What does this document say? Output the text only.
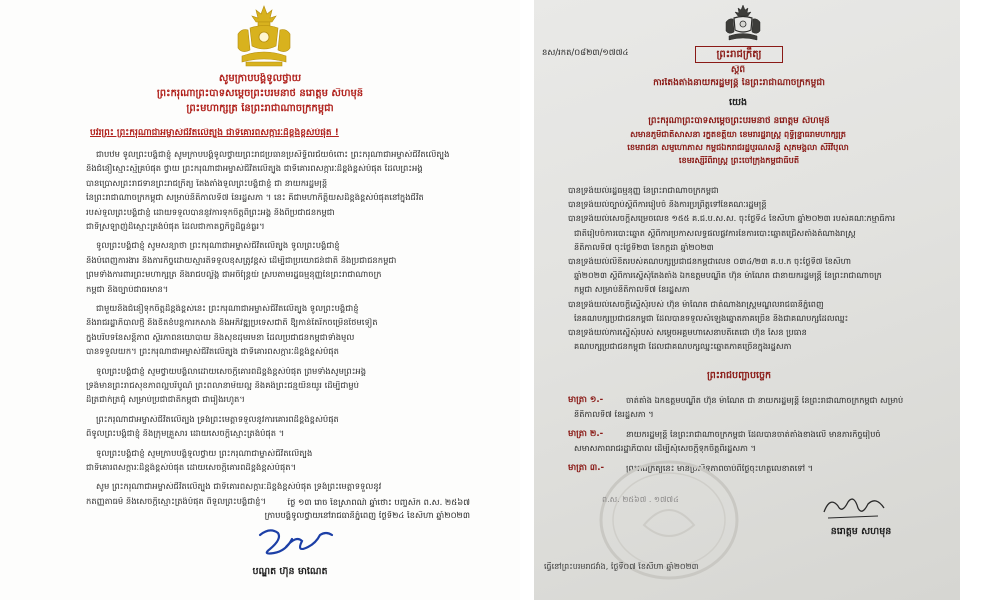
សូមក្រាបបង្គំទូលថ្វាយ
ព្រះករុណាព្រះបាទសម្តេចព្រះបរមនាថ នរោត្តម សីហមុនី
ព្រះមហាក្សត្រ នៃព្រះរាជាណាចក្រកម្ពុជា
បវរព្រះ ព្រះករុណាជាអម្ចាស់ជីវិតលើត្បូង ជាទីគោរពសក្ការៈដ៏ខ្ពង់ខ្ពស់បំផុត !
ជាបឋម ទូលព្រះបង្គំជាខ្ញុំ សូមក្រាបបង្គំទូលថ្វាយព្រះរាជប្រធានប្រសិទ្ធិពរជ័យចំពោះ ព្រះករុណាជាអម្ចាស់ជីវិតលើត្បូង
និងជំនឿស្មោះស្ម័គ្របំផុត ថ្វាយ ព្រះករុណាជាអម្ចាស់ជីវិតលើត្បូង ជាទីគោរពសក្ការៈដ៏ខ្ពង់ខ្ពស់បំផុត ដែលព្រះអង្គ
បានប្រោសព្រះរាជទានព្រះរាជក្រឹត្យ តែងតាំងទូលព្រះបង្គំជាខ្ញុំ ជា នាយករដ្ឋមន្ត្រី
នៃព្រះរាជាណាចក្រកម្ពុជា សម្រាប់នីតិកាលទី៧ នៃរដ្ឋសភា ។ នេះ គឺជាមហាកិត្តិយសដ៏ខ្ពង់ខ្ពស់បំផុតនៅក្នុងជីវិត
របស់ទូលព្រះបង្គំជាខ្ញុំ ដោយទទួលបាននូវការទុកចិត្តពីព្រះអង្គ និងពីប្រជាជនកម្ពុជា
ជាទីស្រឡាញ់ដ៏ស្មោះត្រង់បំផុត ដែលជាកាតព្វកិច្ចដ៏ធ្ងន់ធ្ងរ។
ទូលព្រះបង្គំជាខ្ញុំ សូមសន្យាថា ព្រះករុណាជាអម្ចាស់ជីវិតលើត្បូង ទូលព្រះបង្គំជាខ្ញុំ
នឹងបំពេញការងារ និងភារកិច្ចដោយស្មារតីទទួលខុសត្រូវខ្ពស់ ដើម្បីជាប្រយោជន៍ជាតិ និងប្រជាជនកម្ពុជា
ព្រមទាំងការពារព្រះមហាក្សត្រ និងរាជបល្ល័ង្ក ជាអចិន្ត្រៃយ៍ ស្របតាមរដ្ឋធម្មនុញ្ញនៃព្រះរាជាណាចក្រ
កម្ពុជា និងច្បាប់ជាធរមាន។
ជាមួយនឹងជំនឿទុកចិត្តដ៏ខ្ពង់ខ្ពស់នេះ ព្រះករុណាជាអម្ចាស់ជីវិតលើត្បូង ទូលព្រះបង្គំជាខ្ញុំ
និងរាជរដ្ឋាភិបាលថ្មី នឹងខិតខំបន្តការកសាង និងអភិវឌ្ឍប្រទេសជាតិ ឱ្យកាន់តែរីកចម្រើនថែមទៀត
ក្នុងបរិបទនៃសន្តិភាព ស្ថិរភាពនយោបាយ និងសុខដុមរមនា ដែលប្រជាជនកម្ពុជាទាំងមូល
បានទទួលយក។ ព្រះករុណាជាអម្ចាស់ជីវិតលើត្បូង ជាទីគោរពសក្ការៈដ៏ខ្ពង់ខ្ពស់បំផុត
ទូលព្រះបង្គំជាខ្ញុំ សូមថ្វាយបង្គំលាដោយសេចក្តីគោរពដ៏ខ្ពង់ខ្ពស់បំផុត ព្រមទាំងសូមព្រះអង្គ
ទ្រង់មានព្រះរាជសុខភាពល្អបរិបូណ៌ ព្រះពលានាម័យល្អ និងគង់ព្រះជន្មយឺនយូរ ដើម្បីជាម្លប់
ដ៏ត្រជាក់ត្រជុំ សម្រាប់ប្រជាជាតិកម្ពុជា ជារៀងរហូត។
ព្រះករុណាជាអម្ចាស់ជីវិតលើត្បូង ទ្រង់ព្រះមេត្តាទទួលនូវការគោរពដ៏ខ្ពង់ខ្ពស់បំផុត
ពីទូលព្រះបង្គំជាខ្ញុំ និងក្រុមគ្រួសារ ដោយសេចក្តីស្មោះត្រង់បំផុត ។
ទូលព្រះបង្គំជាខ្ញុំ សូមក្រាបបង្គំទូលថ្វាយ ព្រះករុណាជាម្ចាស់ជីវិតលើត្បូង
ជាទីគោរពសក្ការៈដ៏ខ្ពង់ខ្ពស់បំផុត ដោយសេចក្តីគោរពដ៏ខ្ពង់ខ្ពស់បំផុត។
សូម ព្រះករុណាជាអម្ចាស់ជីវិតលើត្បូង ជាទីគោរពសក្ការៈដ៏ខ្ពង់ខ្ពស់បំផុត ទ្រង់ព្រះមេត្តាទទួលនូវ
កតញ្ញូតាធម៌ និងសេចក្តីស្មោះត្រង់បំផុត ពីទូលព្រះបង្គំជាខ្ញុំ។	ថ្ងៃ ១៣ រោច ខែស្រាពណ៍ ឆ្នាំថោះ បញ្ចស័ក ព.ស. ២៥៦៧
ក្រាបបង្គំទូលថ្វាយនៅរាជធានីភ្នំពេញ ថ្ងៃទី២៤ ខែសីហា ឆ្នាំ២០២៣
បណ្ឌិត ហ៊ុន ម៉ាណែត
នស/រកត/០៨២៣/១៧៧៤	ព្រះរាជក្រឹត្យ
ស្តីពី
ការតែងតាំងនាយករដ្ឋមន្ត្រី នៃព្រះរាជាណាចក្រកម្ពុជា
យើង
ព្រះករុណាព្រះបាទសម្តេចព្រះបរមនាថ នរោត្តម សីហមុនី
សមានភូមិជាតិសាសនា រក្ខតខត្តិយា ខេមរារដ្ឋរាស្ត្រ ពុទ្ធិន្ទ្រាធរាមហាក្សត្រ
ខេមរាជនា សមូហោភាស កម្ពុជឯករាជរដ្ឋបូរណសន្តិ សុភមង្គលា សិរីវិបុលា
ខេមរស្សិរីពិរាស្ត្រ ព្រះចៅក្រុងកម្ពុជាធិបតី
បានទ្រង់យល់រដ្ឋធម្មនុញ្ញ នៃព្រះរាជាណាចក្រកម្ពុជា
បានទ្រង់យល់ច្បាប់ស្តីពីការរៀបចំ និងការប្រព្រឹត្តទៅនៃគណៈរដ្ឋមន្ត្រី
បានទ្រង់យល់សេចក្តីសម្រេចលេខ ១៥៥ គ.ជ.ប.ស.ស. ចុះថ្ងៃទី៤ ខែសីហា ឆ្នាំ២០២៣ របស់គណៈកម្មាធិការ
ជាតិរៀបចំការបោះឆ្នោត ស្តីពីការប្រកាសលទ្ធផលផ្លូវការនៃការបោះឆ្នោតជ្រើសតាំងតំណាងរាស្ត្រ
នីតិកាលទី៧ ចុះថ្ងៃទី២៣ ខែកក្កដា ឆ្នាំ២០២៣
បានទ្រង់យល់លិខិតរបស់គណបក្សប្រជាជនកម្ពុជាលេខ ០៣៤/២៣ គ.ប.ក ចុះថ្ងៃទី៧ ខែសីហា
ឆ្នាំ២០២៣ ស្តីពីការស្នើសុំតែងតាំង ឯកឧត្តមបណ្ឌិត ហ៊ុន ម៉ាណែត ជានាយករដ្ឋមន្ត្រី នៃព្រះរាជាណាចក្រ
កម្ពុជា សម្រាប់នីតិកាលទី៧ នៃរដ្ឋសភា
បានទ្រង់យល់សេចក្តីស្នើសុំរបស់ ហ៊ុន ម៉ាណែត ជាតំណាងរាស្ត្រមណ្ឌលរាជធានីភ្នំពេញ
នៃគណបក្សប្រជាជនកម្ពុជា ដែលបានទទួលសំឡេងឆ្នោតភាគច្រើន និងជាគណបក្សដែលឈ្នះ
បានទ្រង់យល់ការស្នើសុំរបស់ សម្តេចអគ្គមហាសេនាបតីតេជោ ហ៊ុន សែន ប្រធាន
គណបក្សប្រជាជនកម្ពុជា ដែលជាគណបក្សឈ្នះឆ្នោតភាគច្រើនក្នុងរដ្ឋសភា
ព្រះរាជបញ្ជាបច្ចេក
មាត្រា ១.-	ចាត់តាំង ឯកឧត្តមបណ្ឌិត ហ៊ុន ម៉ាណែត ជា នាយករដ្ឋមន្ត្រី នៃព្រះរាជាណាចក្រកម្ពុជា សម្រាប់
នីតិកាលទី៧ នៃរដ្ឋសភា ។
មាត្រា ២.-	នាយករដ្ឋមន្ត្រី នៃព្រះរាជាណាចក្រកម្ពុជា ដែលបានចាត់តាំងខាងលើ មានភារកិច្ចរៀបចំ
សមាសភាពរាជរដ្ឋាភិបាល ដើម្បីសុំសេចក្តីទុកចិត្តពីរដ្ឋសភា ។
មាត្រា ៣.-	ព្រះរាជក្រឹត្យនេះ មានប្រសិទ្ធភាពចាប់ពីថ្ងៃចុះហត្ថលេខាតទៅ ។
ព.ស. ២៥៦៧ . ១៧៧៤
នរោត្តម សីហមុនី
ធ្វើនៅព្រះបរមរាជវាំង, ថ្ងៃទី០៧ ខែសីហា ឆ្នាំ២០២៣
